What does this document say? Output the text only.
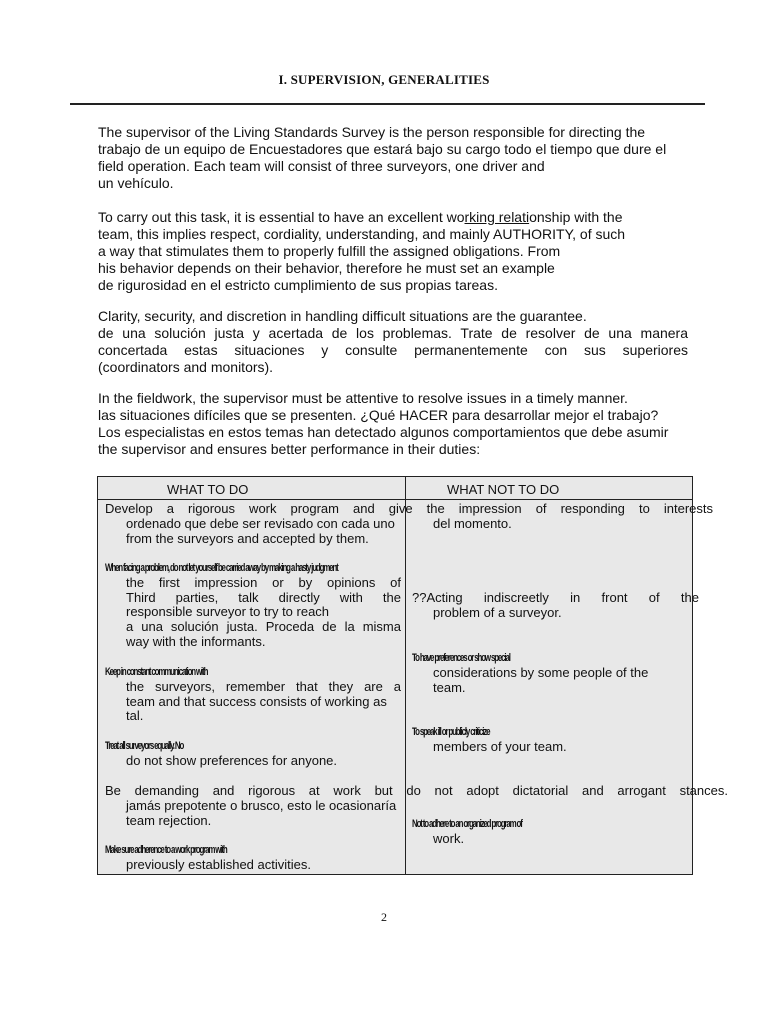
I. SUPERVISION, GENERALITIES
The supervisor of the Living Standards Survey is the person responsible for directing the
trabajo de un equipo de Encuestadores que estará bajo su cargo todo el tiempo que dure el
field operation. Each team will consist of three surveyors, one driver and
un vehículo.
To carry out this task, it is essential to have an excellent working relationship with the
team, this implies respect, cordiality, understanding, and mainly AUTHORITY, of such
a way that stimulates them to properly fulfill the assigned obligations. From
his behavior depends on their behavior, therefore he must set an example
de rigurosidad en el estricto cumplimiento de sus propias tareas.
Clarity, security, and discretion in handling difficult situations are the guarantee.
de una solución justa y acertada de los problemas. Trate de resolver de una manera
concertada estas situaciones y consulte permanentemente con sus superiores
(coordinators and monitors).
In the fieldwork, the supervisor must be attentive to resolve issues in a timely manner.
las situaciones difíciles que se presenten. ¿Qué HACER para desarrollar mejor el trabajo?
Los especialistas en estos temas han detectado algunos comportamientos que debe asumir
the supervisor and ensures better performance in their duties:
WHAT TO DO	WHAT NOT TO DO
Develop a rigorous work program and give the impression of responding to interests
ordenado que debe ser revisado con cada uno
from the surveyors and accepted by them.
When facing a problem, do not let yourself be carried away by making a hasty judgment
the first impression or by opinions of
Third parties, talk directly with the
responsible surveyor to try to reach
a una solución justa. Proceda de la misma
way with the informants.
Keep in constant communication with
the surveyors, remember that they are a
team and that success consists of working as
tal.
Treat all surveyors equally. No
do not show preferences for anyone.
Be demanding and rigorous at work but do not adopt dictatorial and arrogant stances.
jamás prepotente o brusco, esto le ocasionaría
team rejection.
Make sure adherence to a work program with
previously established activities.
del momento.
??Acting indiscreetly in front of the
problem of a surveyor.
To have preferences or show special
considerations by some people of the
team.
To speak ill or publicly criticize
members of your team.
Not to adhere to an organized program of
work.
2
